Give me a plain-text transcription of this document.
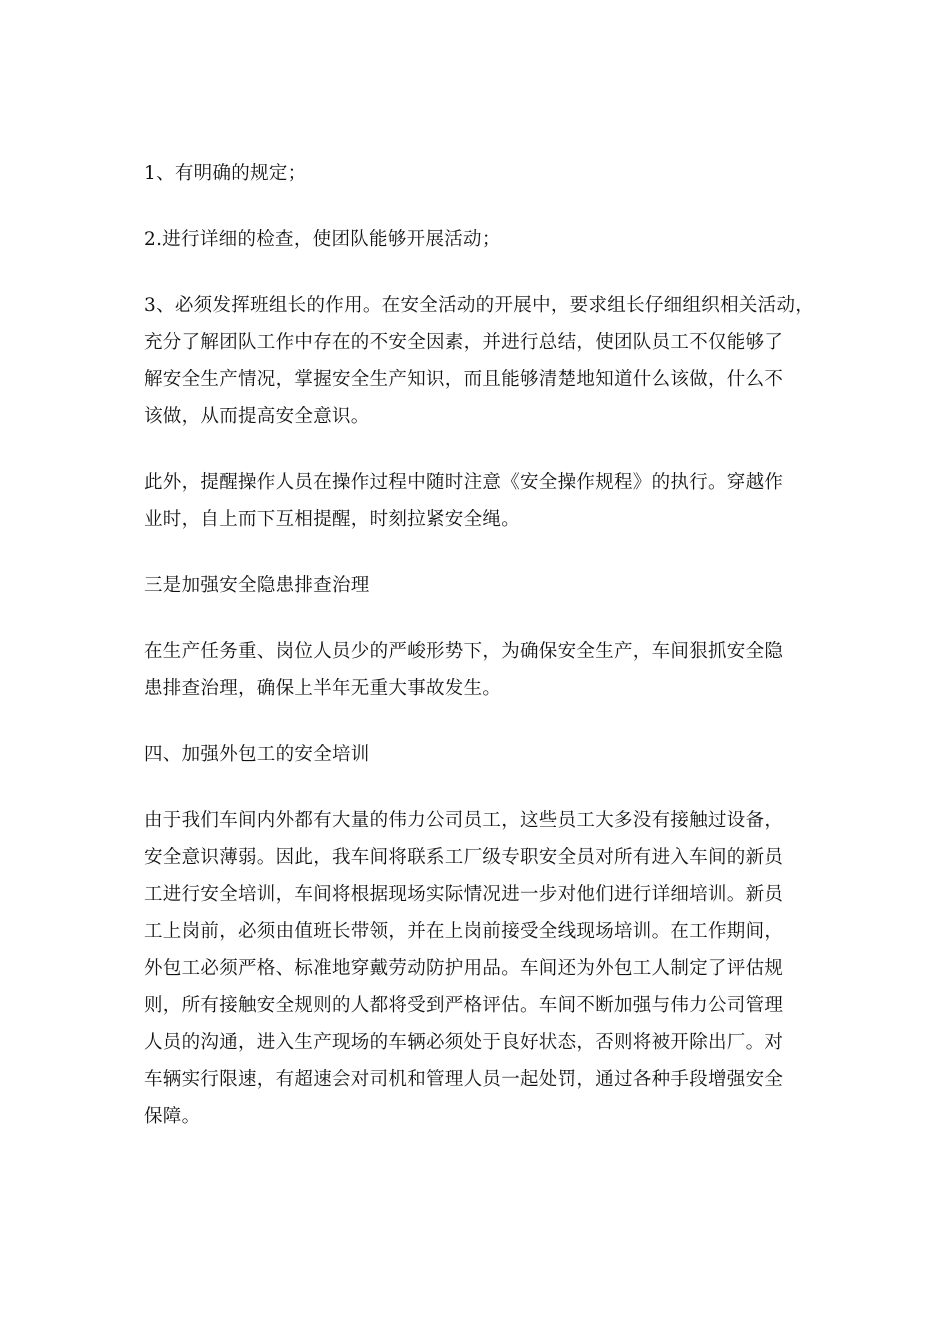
1、有明确的规定；

2.进行详细的检查，使团队能够开展活动；

3、必须发挥班组长的作用。在安全活动的开展中，要求组长仔细组织相关活动，
充分了解团队工作中存在的不安全因素，并进行总结，使团队员工不仅能够了
解安全生产情况，掌握安全生产知识，而且能够清楚地知道什么该做，什么不
该做，从而提高安全意识。

此外，提醒操作人员在操作过程中随时注意《安全操作规程》的执行。穿越作
业时，自上而下互相提醒，时刻拉紧安全绳。

三是加强安全隐患排查治理

在生产任务重、岗位人员少的严峻形势下，为确保安全生产，车间狠抓安全隐
患排查治理，确保上半年无重大事故发生。

四、加强外包工的安全培训

由于我们车间内外都有大量的伟力公司员工，这些员工大多没有接触过设备，
安全意识薄弱。因此，我车间将联系工厂级专职安全员对所有进入车间的新员
工进行安全培训，车间将根据现场实际情况进一步对他们进行详细培训。新员
工上岗前，必须由值班长带领，并在上岗前接受全线现场培训。在工作期间，
外包工必须严格、标准地穿戴劳动防护用品。车间还为外包工人制定了评估规
则，所有接触安全规则的人都将受到严格评估。车间不断加强与伟力公司管理
人员的沟通，进入生产现场的车辆必须处于良好状态，否则将被开除出厂。对
车辆实行限速，有超速会对司机和管理人员一起处罚，通过各种手段增强安全
保障。
